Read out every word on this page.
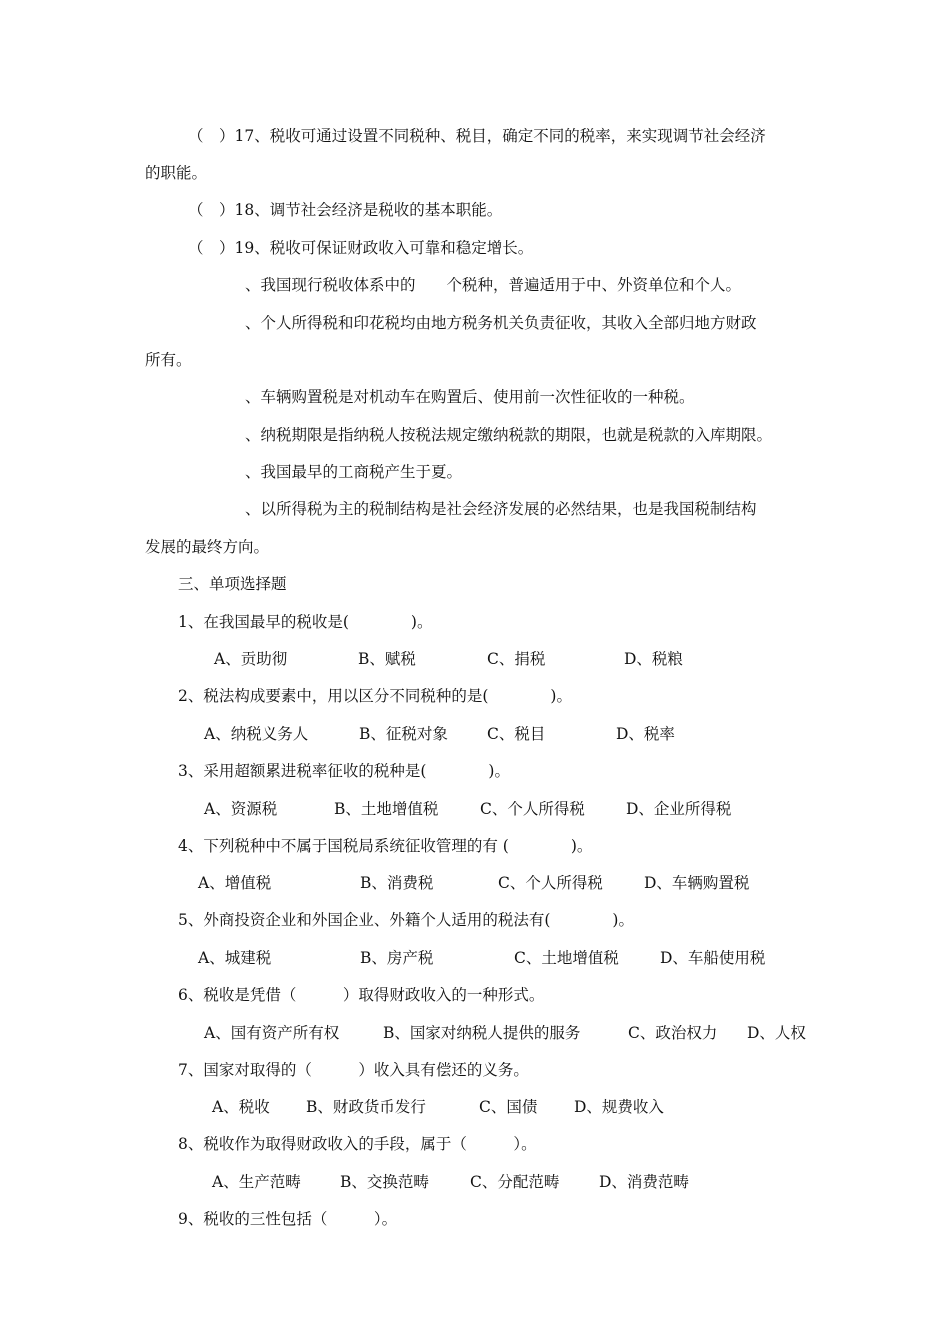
（　）17、税收可通过设置不同税种、税目，确定不同的税率，来实现调节社会经济
的职能。
（　）18、调节社会经济是税收的基本职能。
（　）19、税收可保证财政收入可靠和稳定增长。
、我国现行税收体系中的　　个税种，普遍适用于中、外资单位和个人。
、个人所得税和印花税均由地方税务机关负责征收，其收入全部归地方财政
所有。
、车辆购置税是对机动车在购置后、使用前一次性征收的一种税。
、纳税期限是指纳税人按税法规定缴纳税款的期限，也就是税款的入库期限。
、我国最早的工商税产生于夏。
、以所得税为主的税制结构是社会经济发展的必然结果，也是我国税制结构
发展的最终方向。
三、单项选择题
1、在我国最早的税收是(　　　　)。
A、贡助彻	B、赋税	C、捐税	D、税粮
2、税法构成要素中，用以区分不同税种的是(　　　　)。
A、纳税义务人	B、征税对象	C、税目	D、税率
3、采用超额累进税率征收的税种是(　　　　)。
A、资源税	B、土地增值税	C、个人所得税	D、企业所得税
4、下列税种中不属于国税局系统征收管理的有 (　　　　)。
A、增值税	B、消费税	C、个人所得税	D、车辆购置税
5、外商投资企业和外国企业、外籍个人适用的税法有(　　　　)。
A、城建税	B、房产税	C、土地增值税	D、车船使用税
6、税收是凭借（　　　）取得财政收入的一种形式。
A、国有资产所有权	B、国家对纳税人提供的服务	C、政治权力 D、人权
7、国家对取得的（　　　）收入具有偿还的义务。
A、税收 B、财政货币发行	C、国债 D、规费收入
8、税收作为取得财政收入的手段，属于（　　　）。
A、生产范畴	B、交换范畴	C、分配范畴	D、消费范畴
9、税收的三性包括（　　　）。
